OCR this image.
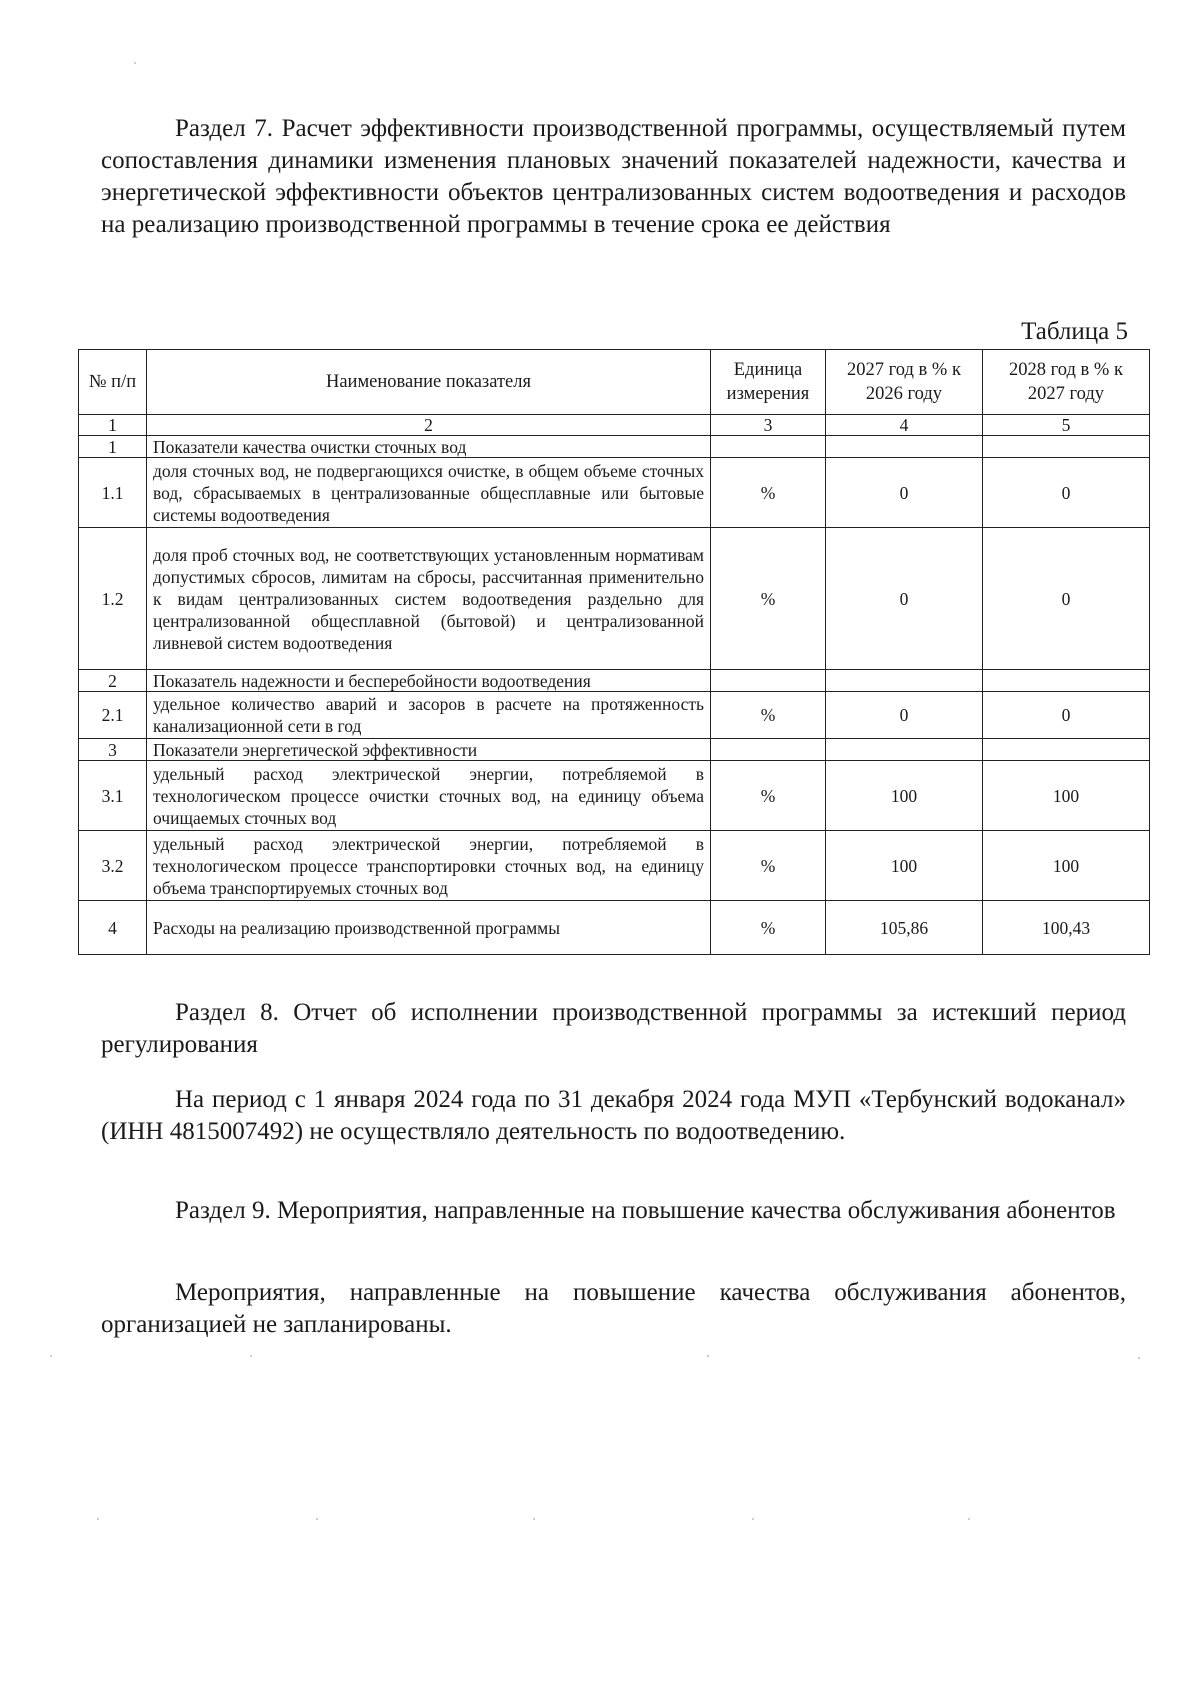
Раздел 7. Расчет эффективности производственной программы, осуществляемый путем сопоставления динамики изменения плановых значений показателей надежности, качества и энергетической эффективности объектов централизованных систем водоотведения и расходов на реализацию производственной программы в течение срока ее действия

Таблица 5
№ п/п	Наименование показателя	Единица измерения	2027 год в % к 2026 году	2028 год в % к 2027 году
1	2	3	4	5
1	Показатели качества очистки сточных вод			
1.1	доля сточных вод, не подвергающихся очистке, в общем объеме сточных вод, сбрасываемых в централизованные общесплавные или бытовые системы водоотведения	%	0	0
1.2	доля проб сточных вод, не соответствующих установленным нормативам допустимых сбросов, лимитам на сбросы, рассчитанная применительно к видам централизованных систем водоотведения раздельно для централизованной общесплавной (бытовой) и централизованной ливневой систем водоотведения	%	0	0
2	Показатель надежности и бесперебойности водоотведения			
2.1	удельное количество аварий и засоров в расчете на протяженность канализационной сети в год	%	0	0
3	Показатели энергетической эффективности			
3.1	удельный расход электрической энергии, потребляемой в технологическом процессе очистки сточных вод, на единицу объема очищаемых сточных вод	%	100	100
3.2	удельный расход электрической энергии, потребляемой в технологическом процессе транспортировки сточных вод, на единицу объема транспортируемых сточных вод	%	100	100
4	Расходы на реализацию производственной программы	%	105,86	100,43

Раздел 8. Отчет об исполнении производственной программы за истекший период регулирования

На период с 1 января 2024 года по 31 декабря 2024 года МУП «Тербунский водоканал» (ИНН 4815007492) не осуществляло деятельность по водоотведению.

Раздел 9. Мероприятия, направленные на повышение качества обслуживания абонентов

Мероприятия, направленные на повышение качества обслуживания абонентов, организацией не запланированы.
